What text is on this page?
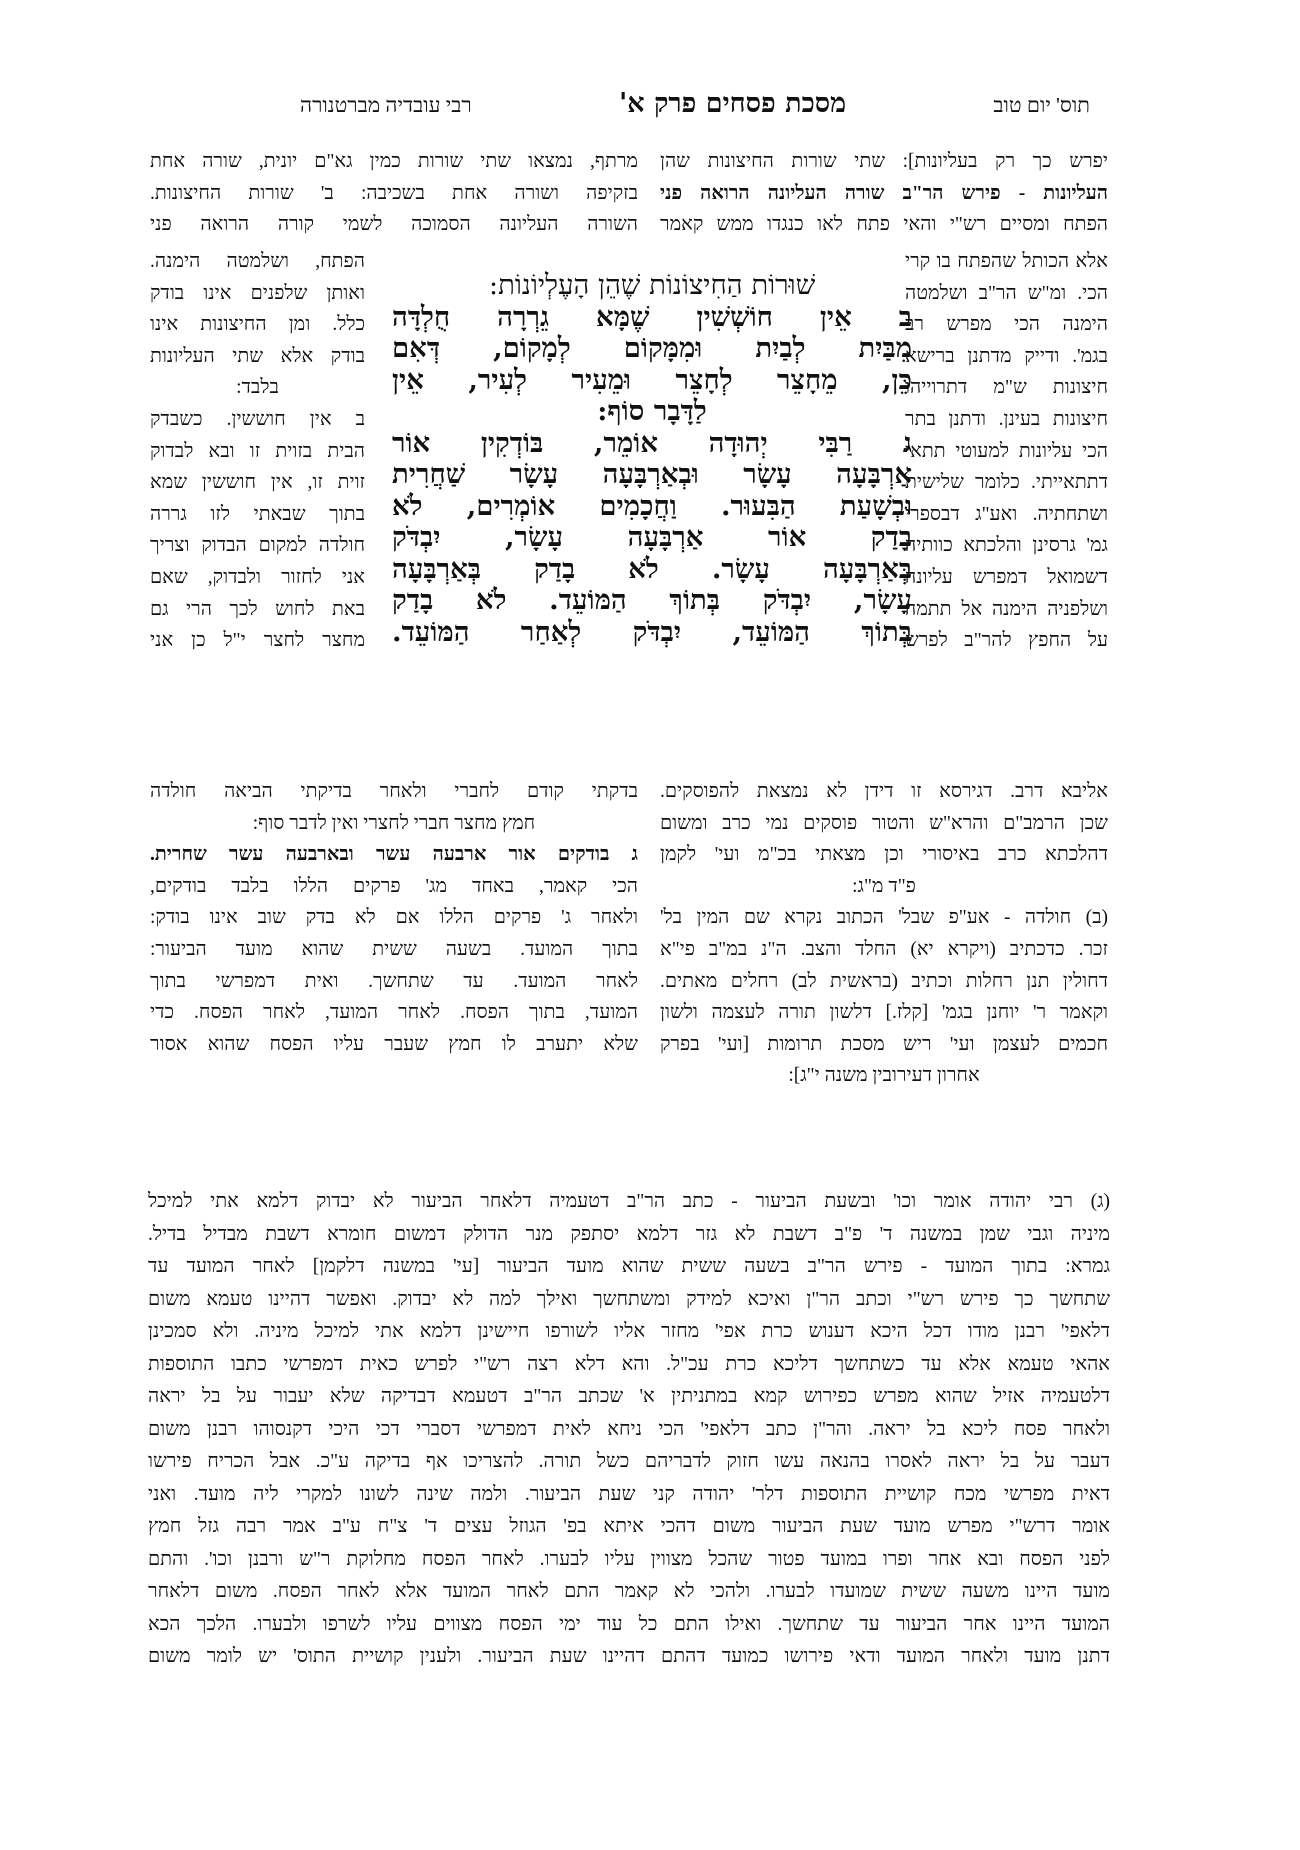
תוס' יום טוב
מסכת פסחים פרק א'
רבי עובדיה מברטנורה
יפרש כך רק בעליונות]: שתי שורות החיצונות שהן
העליונות - פירש הר"ב שורה העליונה הרואה פני
הפתח ומסיים רש"י והאי פתח לאו כנגדו ממש קאמר
אלא הכותל שהפתח בו קרי
הכי. ומ"ש הר"ב ושלמטה
הימנה הכי מפרש רב
בגמ'. ודייק מדתנן ברישא
חיצונות ש"מ דתרוייהו
חיצונות בעינן. ודתנן בתר
הכי עליונות למעוטי תתאי
דתתאייתי. כלומר שלישית
ושתחתיה. ואע"ג דבספרי
גמ' גרסינן והלכתא כוותיה
דשמואל דמפרש עליונה
ושלפניה הימנה אל תתמה
על החפץ להר"ב לפרש
אליבא דרב. דגירסא זו דידן לא נמצאת להפוסקים.
שכן הרמב"ם והרא"ש והטור פוסקים נמי כרב ומשום
דהלכתא כרב באיסורי וכן מצאתי בכ"מ ועי' לקמן
פ"ד מ"ג:
(ב) חולדה - אע"פ שבל' הכתוב נקרא שם המין בל'
זכר. כדכתיב (ויקרא יא) החלד והצב. ה"נ במ"ב פי"א
דחולין תנן רחלות וכתיב (בראשית לב) רחלים מאתים.
וקאמר ר' יוחנן בגמ' [קלז.] דלשון תורה לעצמה ולשון
חכמים לעצמן ועי' ריש מסכת תרומות [ועי' בפרק
אחרון דעירובין משנה י"ג]:
מרתף, נמצאו שתי שורות כמין גא"ם יונית, שורה אחת
בזקיפה ושורה אחת בשכיבה: ב' שורות החיצונות.
השורה העליונה הסמוכה לשמי קורה הרואה פני
הפתח, ושלמטה הימנה.
ואותן שלפנים אינו בודק
כלל. ומן החיצונות אינו
בודק אלא שתי העליונות
בלבד:
ב אין חוששין. כשבדק
הבית בזוית זו ובא לבדוק
זוית זו, אין חוששין שמא
בתוך שבאתי לזו גררה
חולדה למקום הבדוק וצריך
אני לחזור ולבדוק, שאם
באת לחוש לכך הרי גם
מחצר לחצר י"ל כן אני
בדקתי קודם לחברי ולאחר בדיקתי הביאה חולדה
חמץ מחצר חברי לחצרי ואין לדבר סוף:
ג בודקים אור ארבעה עשר ובארבעה עשר שחרית.
הכי קאמר, באחד מג' פרקים הללו בלבד בודקים,
ולאחר ג' פרקים הללו אם לא בדק שוב אינו בודק:
בתוך המועד. בשעה ששית שהוא מועד הביעור:
לאחר המועד. עד שתחשך. ואית דמפרשי בתוך
המועד, בתוך הפסח. לאחר המועד, לאחר הפסח. כדי
שלא יתערב לו חמץ שעבר עליו הפסח שהוא אסור
שׁוּרוֹת הַחִיצוֹנוֹת שֶׁהֵן הָעֶלְיוֹנוֹת:
ב אֵין חוֹשְׁשִׁין שֶׁמָּא גֵרְרָה חֻלְדָּה
מִבַּיִת לְבַיִת וּמִמָּקוֹם לְמָקוֹם, דְּאִם
כֵּן, מֵחָצֵר לְחָצֵר וּמֵעִיר לְעִיר, אֵין
לַדָּבָר סוֹף:
ג רַבִּי יְהוּדָה אוֹמֵר, בּוֹדְקִין אוֹר
אַרְבָּעָה עָשָׂר וּבְאַרְבָּעָה עָשָׂר שַׁחֲרִית
וּבְשָׁעַת הַבִּעוּר. וַחֲכָמִים אוֹמְרִים, לֹא
בָדַק אוֹר אַרְבָּעָה עָשָׂר, יִבְדֹּק
בְּאַרְבָּעָה עָשָׂר. לֹא בָדַק בְּאַרְבָּעָה
עָשָׂר, יִבְדֹּק בְּתוֹךְ הַמּוֹעֵד. לֹא בָדַק
בְּתוֹךְ הַמּוֹעֵד, יִבְדֹּק לְאַחַר הַמּוֹעֵד.
(ג) רבי יהודה אומר וכו' ובשעת הביעור - כתב הר"ב דטעמיה דלאחר הביעור לא יבדוק דלמא אתי למיכל
מיניה וגבי שמן במשנה ד' פ"ב דשבת לא גזר דלמא יסתפק מנר הדולק דמשום חומרא דשבת מבדיל בדיל.
גמרא: בתוך המועד - פירש הר"ב בשעה ששית שהוא מועד הביעור [עי' במשנה דלקמן] לאחר המועד עד
שתחשך כך פירש רש"י וכתב הר"ן ואיכא למידק ומשתחשך ואילך למה לא יבדוק. ואפשר דהיינו טעמא משום
דלאפי' רבנן מודו דכל היכא דענוש כרת אפי' מחזר אליו לשורפו חיישינן דלמא אתי למיכל מיניה. ולא סמכינן
אהאי טעמא אלא עד כשתחשך דליכא כרת עכ"ל. והא דלא רצה רש"י לפרש כאית דמפרשי כתבו התוספות
דלטעמיה אזיל שהוא מפרש כפירוש קמא במתניתין א' שכתב הר"ב דטעמא דבדיקה שלא יעבור על בל יראה
ולאחר פסח ליכא בל יראה. והר"ן כתב דלאפי' הכי ניחא לאית דמפרשי דסברי דכי היכי דקנסוהו רבנן משום
דעבר על בל יראה לאסרו בהנאה עשו חזוק לדבריהם כשל תורה. להצריכו אף בדיקה ע"כ. אבל הכריח פירשו
דאית מפרשי מכח קושיית התוספות דלר' יהודה קני שעת הביעור. ולמה שינה לשונו למקרי ליה מועד. ואני
אומר דרש"י מפרש מועד שעת הביעור משום דהכי איתא בפ' הגוזל עצים ד' צ"ח ע"ב אמר רבה גזל חמץ
לפני הפסח ובא אחר ופרו במועד פטור שהכל מצווין עליו לבערו. לאחר הפסח מחלוקת ר"ש ורבנן וכו'. והתם
מועד היינו משעה ששית שמועדו לבערו. ולהכי לא קאמר התם לאחר המועד אלא לאחר הפסח. משום דלאחר
המועד היינו אחר הביעור עד שתחשך. ואילו התם כל עוד ימי הפסח מצווים עליו לשרפו ולבערו. הלכך הכא
דתנן מועד ולאחר המועד ודאי פירושו כמועד דהתם דהיינו שעת הביעור. ולענין קושיית התוס' יש לומר משום
